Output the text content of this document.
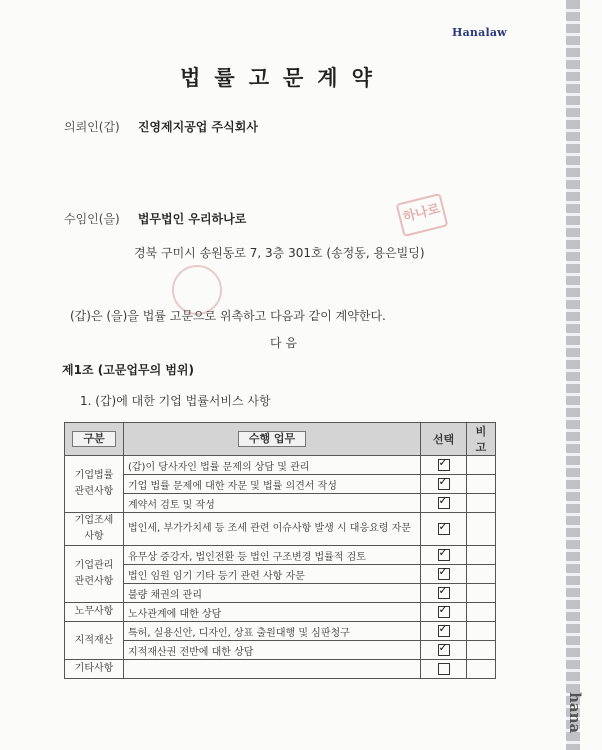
Hanalaw
hana
법률고문계약
의뢰인(갑) 진영제지공업 주식회사
수임인(을) 법무법인 우리하나로
경북 구미시 송원동로 7, 3층 301호 (송정동, 용은빌딩)
하나로
(갑)은 (을)을 법률 고문으로 위촉하고 다음과 같이 계약한다.
다 음
제1조 (고문업무의 범위)
1. (갑)에 대한 기업 법률서비스 사항
구분	수행 업무	선택	비고
기업법률 관련사항	(갑)이 당사자인 법률 문제의 상담 및 관리	✓	
	기업 법률 문제에 대한 자문 및 법률 의견서 작성	✓	
	계약서 검토 및 작성	✓	
기업조세 사항	법인세, 부가가치세 등 조세 관련 이슈사항 발생 시 대응요령 자문	✓	
기업관리 관련사항	유무상 증강자, 법인전환 등 법인 구조변경 법률적 검토	✓	
	법인 임원 임기 기타 등기 관련 사항 자문	✓	
	불량 채권의 관리	✓	
노무사항	노사관계에 대한 상담	✓	
지적재산	특허, 실용신안, 디자인, 상표 출원대행 및 심판청구	✓	
	지적재산권 전반에 대한 상담	✓	
기타사항			
